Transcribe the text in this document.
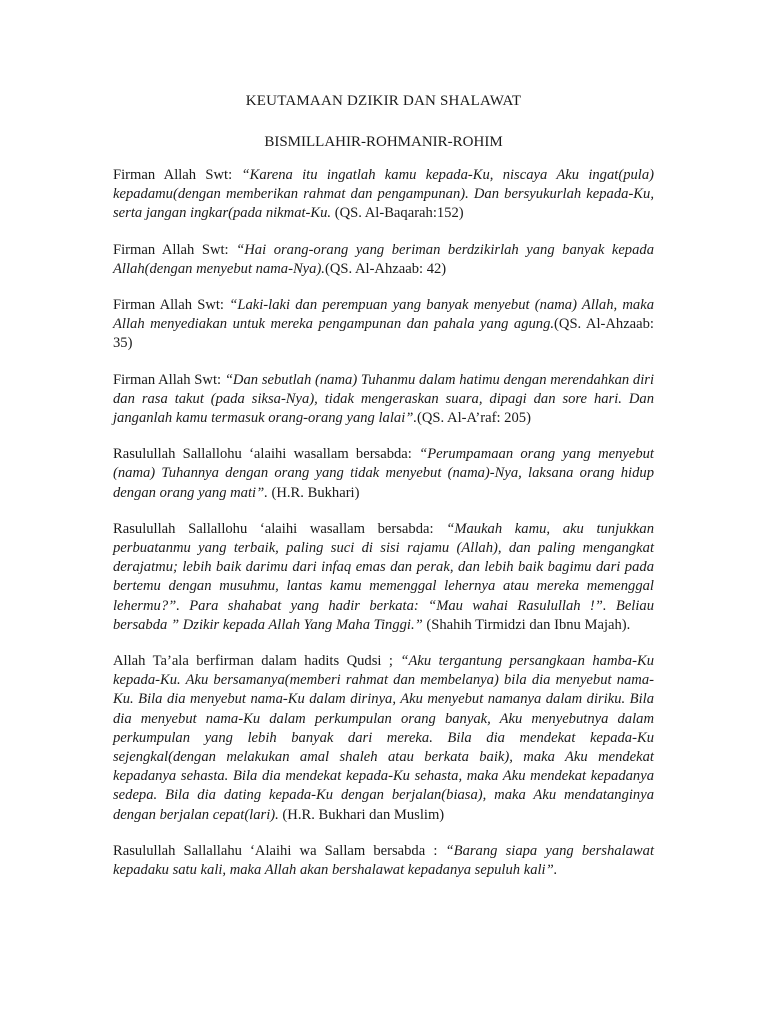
KEUTAMAAN DZIKIR DAN SHALAWAT
BISMILLAHIR-ROHMANIR-ROHIM

Firman Allah Swt: “Karena itu ingatlah kamu kepada-Ku, niscaya Aku ingat(pula) kepadamu(dengan memberikan rahmat dan pengampunan). Dan bersyukurlah kepada-Ku, serta jangan ingkar(pada nikmat-Ku. (QS. Al-Baqarah:152)

Firman Allah Swt: “Hai orang-orang yang beriman berdzikirlah yang banyak kepada Allah(dengan menyebut nama-Nya).(QS. Al-Ahzaab: 42)

Firman Allah Swt: “Laki-laki dan perempuan yang banyak menyebut (nama) Allah, maka Allah menyediakan untuk mereka pengampunan dan pahala yang agung.(QS. Al-Ahzaab: 35)

Firman Allah Swt: “Dan sebutlah (nama) Tuhanmu dalam hatimu dengan merendahkan diri dan rasa takut (pada siksa-Nya), tidak mengeraskan suara, dipagi dan sore hari. Dan janganlah kamu termasuk orang-orang yang lalai”.(QS. Al-A’raf: 205)

Rasulullah Sallallohu ‘alaihi wasallam bersabda: “Perumpamaan orang yang menyebut (nama) Tuhannya dengan orang yang tidak menyebut (nama)-Nya, laksana orang hidup dengan orang yang mati”. (H.R. Bukhari)

Rasulullah Sallallohu ‘alaihi wasallam bersabda: “Maukah kamu, aku tunjukkan perbuatanmu yang terbaik, paling suci di sisi rajamu (Allah), dan paling mengangkat derajatmu; lebih baik darimu dari infaq emas dan perak, dan lebih baik bagimu dari pada bertemu dengan musuhmu, lantas kamu memenggal lehernya atau mereka memenggal lehermu?”. Para shahabat yang hadir berkata: “Mau wahai Rasulullah !”. Beliau bersabda ” Dzikir kepada Allah Yang Maha Tinggi.” (Shahih Tirmidzi dan Ibnu Majah).

Allah Ta’ala berfirman dalam hadits Qudsi ; “Aku tergantung persangkaan hamba-Ku kepada-Ku. Aku bersamanya(memberi rahmat dan membelanya) bila dia menyebut nama-Ku. Bila dia menyebut nama-Ku dalam dirinya, Aku menyebut namanya dalam diriku. Bila dia menyebut nama-Ku dalam perkumpulan orang banyak, Aku menyebutnya dalam perkumpulan yang lebih banyak dari mereka. Bila dia mendekat kepada-Ku sejengkal(dengan melakukan amal shaleh atau berkata baik), maka Aku mendekat kepadanya sehasta. Bila dia mendekat kepada-Ku sehasta, maka Aku mendekat kepadanya sedepa. Bila dia dating kepada-Ku dengan berjalan(biasa), maka Aku mendatanginya dengan berjalan cepat(lari). (H.R. Bukhari dan Muslim)

Rasulullah Sallallahu ‘Alaihi wa Sallam bersabda : “Barang siapa yang bershalawat kepadaku satu kali, maka Allah akan bershalawat kepadanya sepuluh kali”.
